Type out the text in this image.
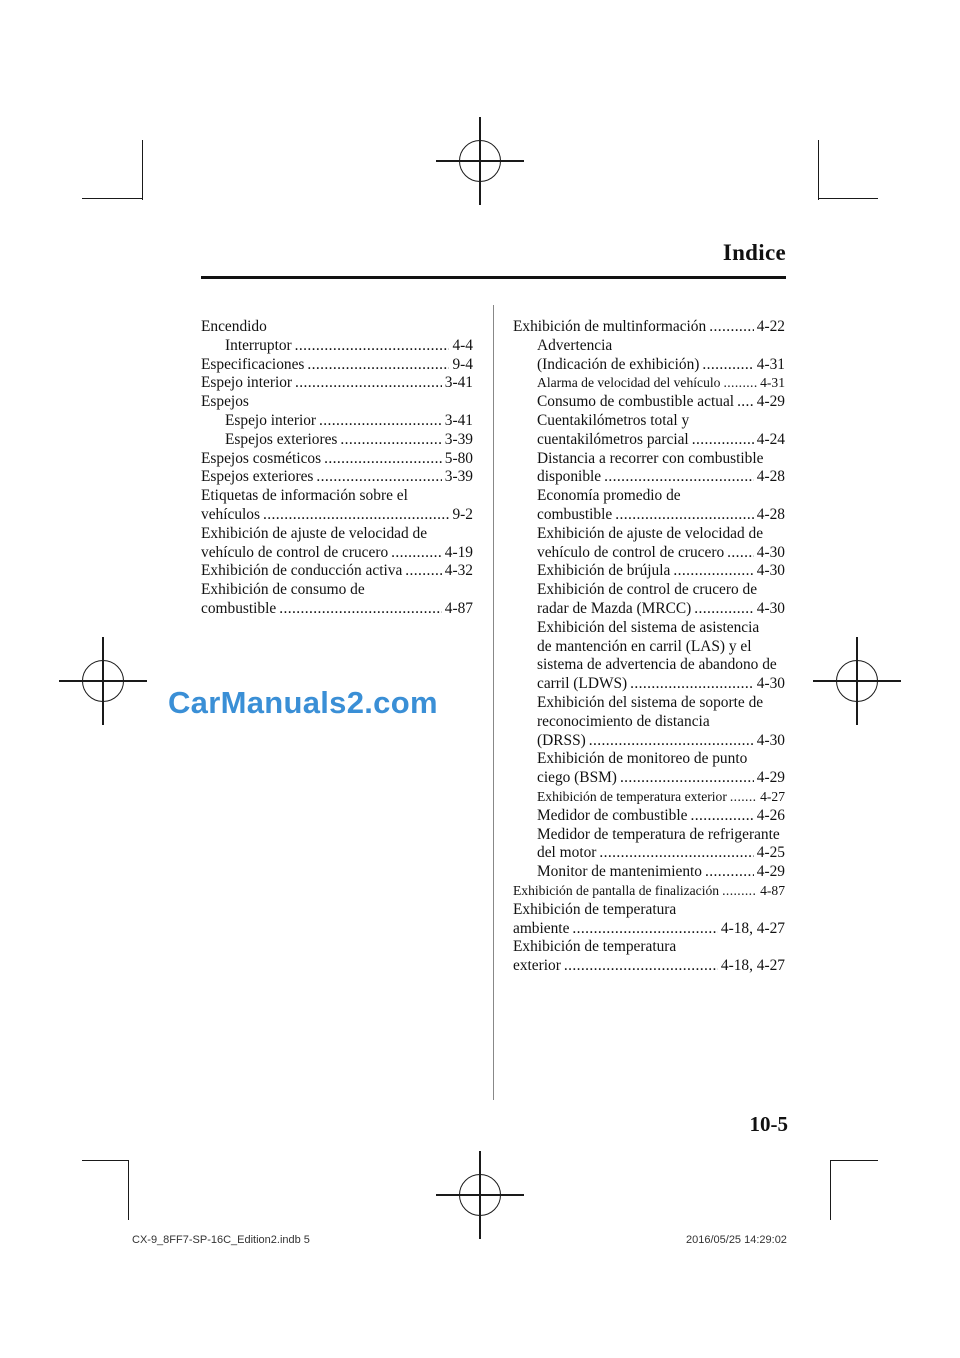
Indice
Encendido
Interruptor .....	4-4
Especificaciones .....	9-4
Espejo interior .....	3-41
Espejos
Espejo interior .....	3-41
Espejos exteriores .....	3-39
Espejos cosméticos .....	5-80
Espejos exteriores .....	3-39
Etiquetas de información sobre el
vehículos .....	9-2
Exhibición de ajuste de velocidad de
vehículo de control de crucero .....	4-19
Exhibición de conducción activa .....	4-32
Exhibición de consumo de
combustible .....	4-87
Exhibición de multinformación .....	4-22
Advertencia
(Indicación de exhibición) .....	4-31
Alarma de velocidad del vehículo .....	4-31
Consumo de combustible actual ..... 4-29
Cuentakilómetros total y
cuentakilómetros parcial .....	4-24
Distancia a recorrer con combustible
disponible .....	4-28
Economía promedio de
combustible .....	4-28
Exhibición de ajuste de velocidad de
vehículo de control de crucero ..... 4-30
Exhibición de brújula .....	4-30
Exhibición de control de crucero de
radar de Mazda (MRCC) .....	4-30
Exhibición del sistema de asistencia
de mantención en carril (LAS) y el
sistema de advertencia de abandono de
carril (LDWS) .....	4-30
Exhibición del sistema de soporte de
reconocimiento de distancia
(DRSS) .....	4-30
Exhibición de monitoreo de punto
ciego (BSM) .....	4-29
Exhibición de temperatura exterior ..... 4-27
Medidor de combustible .....	4-26
Medidor de temperatura de refrigerante
del motor .....	4-25
Monitor de mantenimiento .....	4-29
Exhibición de pantalla de finalización .....	4-87
Exhibición de temperatura
ambiente .....	4-18, 4-27
Exhibición de temperatura
exterior .....	4-18, 4-27
CarManuals2.com
10-5
CX-9_8FF7-SP-16C_Edition2.indb 5	2016/05/25 14:29:02
